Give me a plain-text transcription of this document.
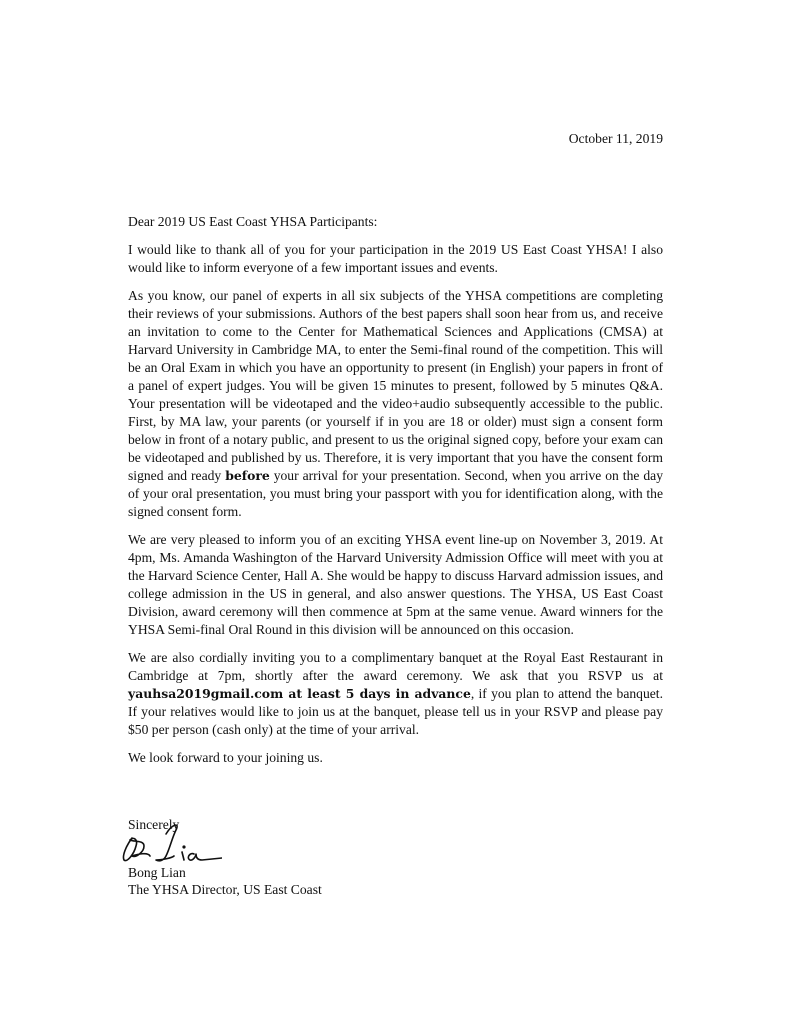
October 11, 2019

Dear 2019 US East Coast YHSA Participants:

I would like to thank all of you for your participation in the 2019 US East Coast YHSA! I also would like to inform everyone of a few important issues and events.

As you know, our panel of experts in all six subjects of the YHSA competitions are completing their reviews of your submissions. Authors of the best papers shall soon hear from us, and receive an invitation to come to the Center for Mathematical Sciences and Applications (CMSA) at Harvard University in Cambridge MA, to enter the Semi-final round of the competition. This will be an Oral Exam in which you have an opportunity to present (in English) your papers in front of a panel of expert judges. You will be given 15 minutes to present, followed by 5 minutes Q&A. Your presentation will be videotaped and the video+audio subsequently accessible to the public. First, by MA law, your parents (or yourself if in you are 18 or older) must sign a consent form below in front of a notary public, and present to us the original signed copy, before your exam can be videotaped and published by us. Therefore, it is very important that you have the consent form signed and ready before your arrival for your presentation. Second, when you arrive on the day of your oral presentation, you must bring your passport with you for identification along, with the signed consent form.

We are very pleased to inform you of an exciting YHSA event line-up on November 3, 2019. At 4pm, Ms. Amanda Washington of the Harvard University Admission Office will meet with you at the Harvard Science Center, Hall A. She would be happy to discuss Harvard admission issues, and college admission in the US in general, and also answer questions. The YHSA, US East Coast Division, award ceremony will then commence at 5pm at the same venue. Award winners for the YHSA Semi-final Oral Round in this division will be announced on this occasion.

We are also cordially inviting you to a complimentary banquet at the Royal East Restaurant in Cambridge at 7pm, shortly after the award ceremony. We ask that you RSVP us at yauhsa2019gmail.com at least 5 days in advance, if you plan to attend the banquet. If your relatives would like to join us at the banquet, please tell us in your RSVP and please pay $50 per person (cash only) at the time of your arrival.

We look forward to your joining us.

Sincerely
Bong Lian
The YHSA Director, US East Coast
